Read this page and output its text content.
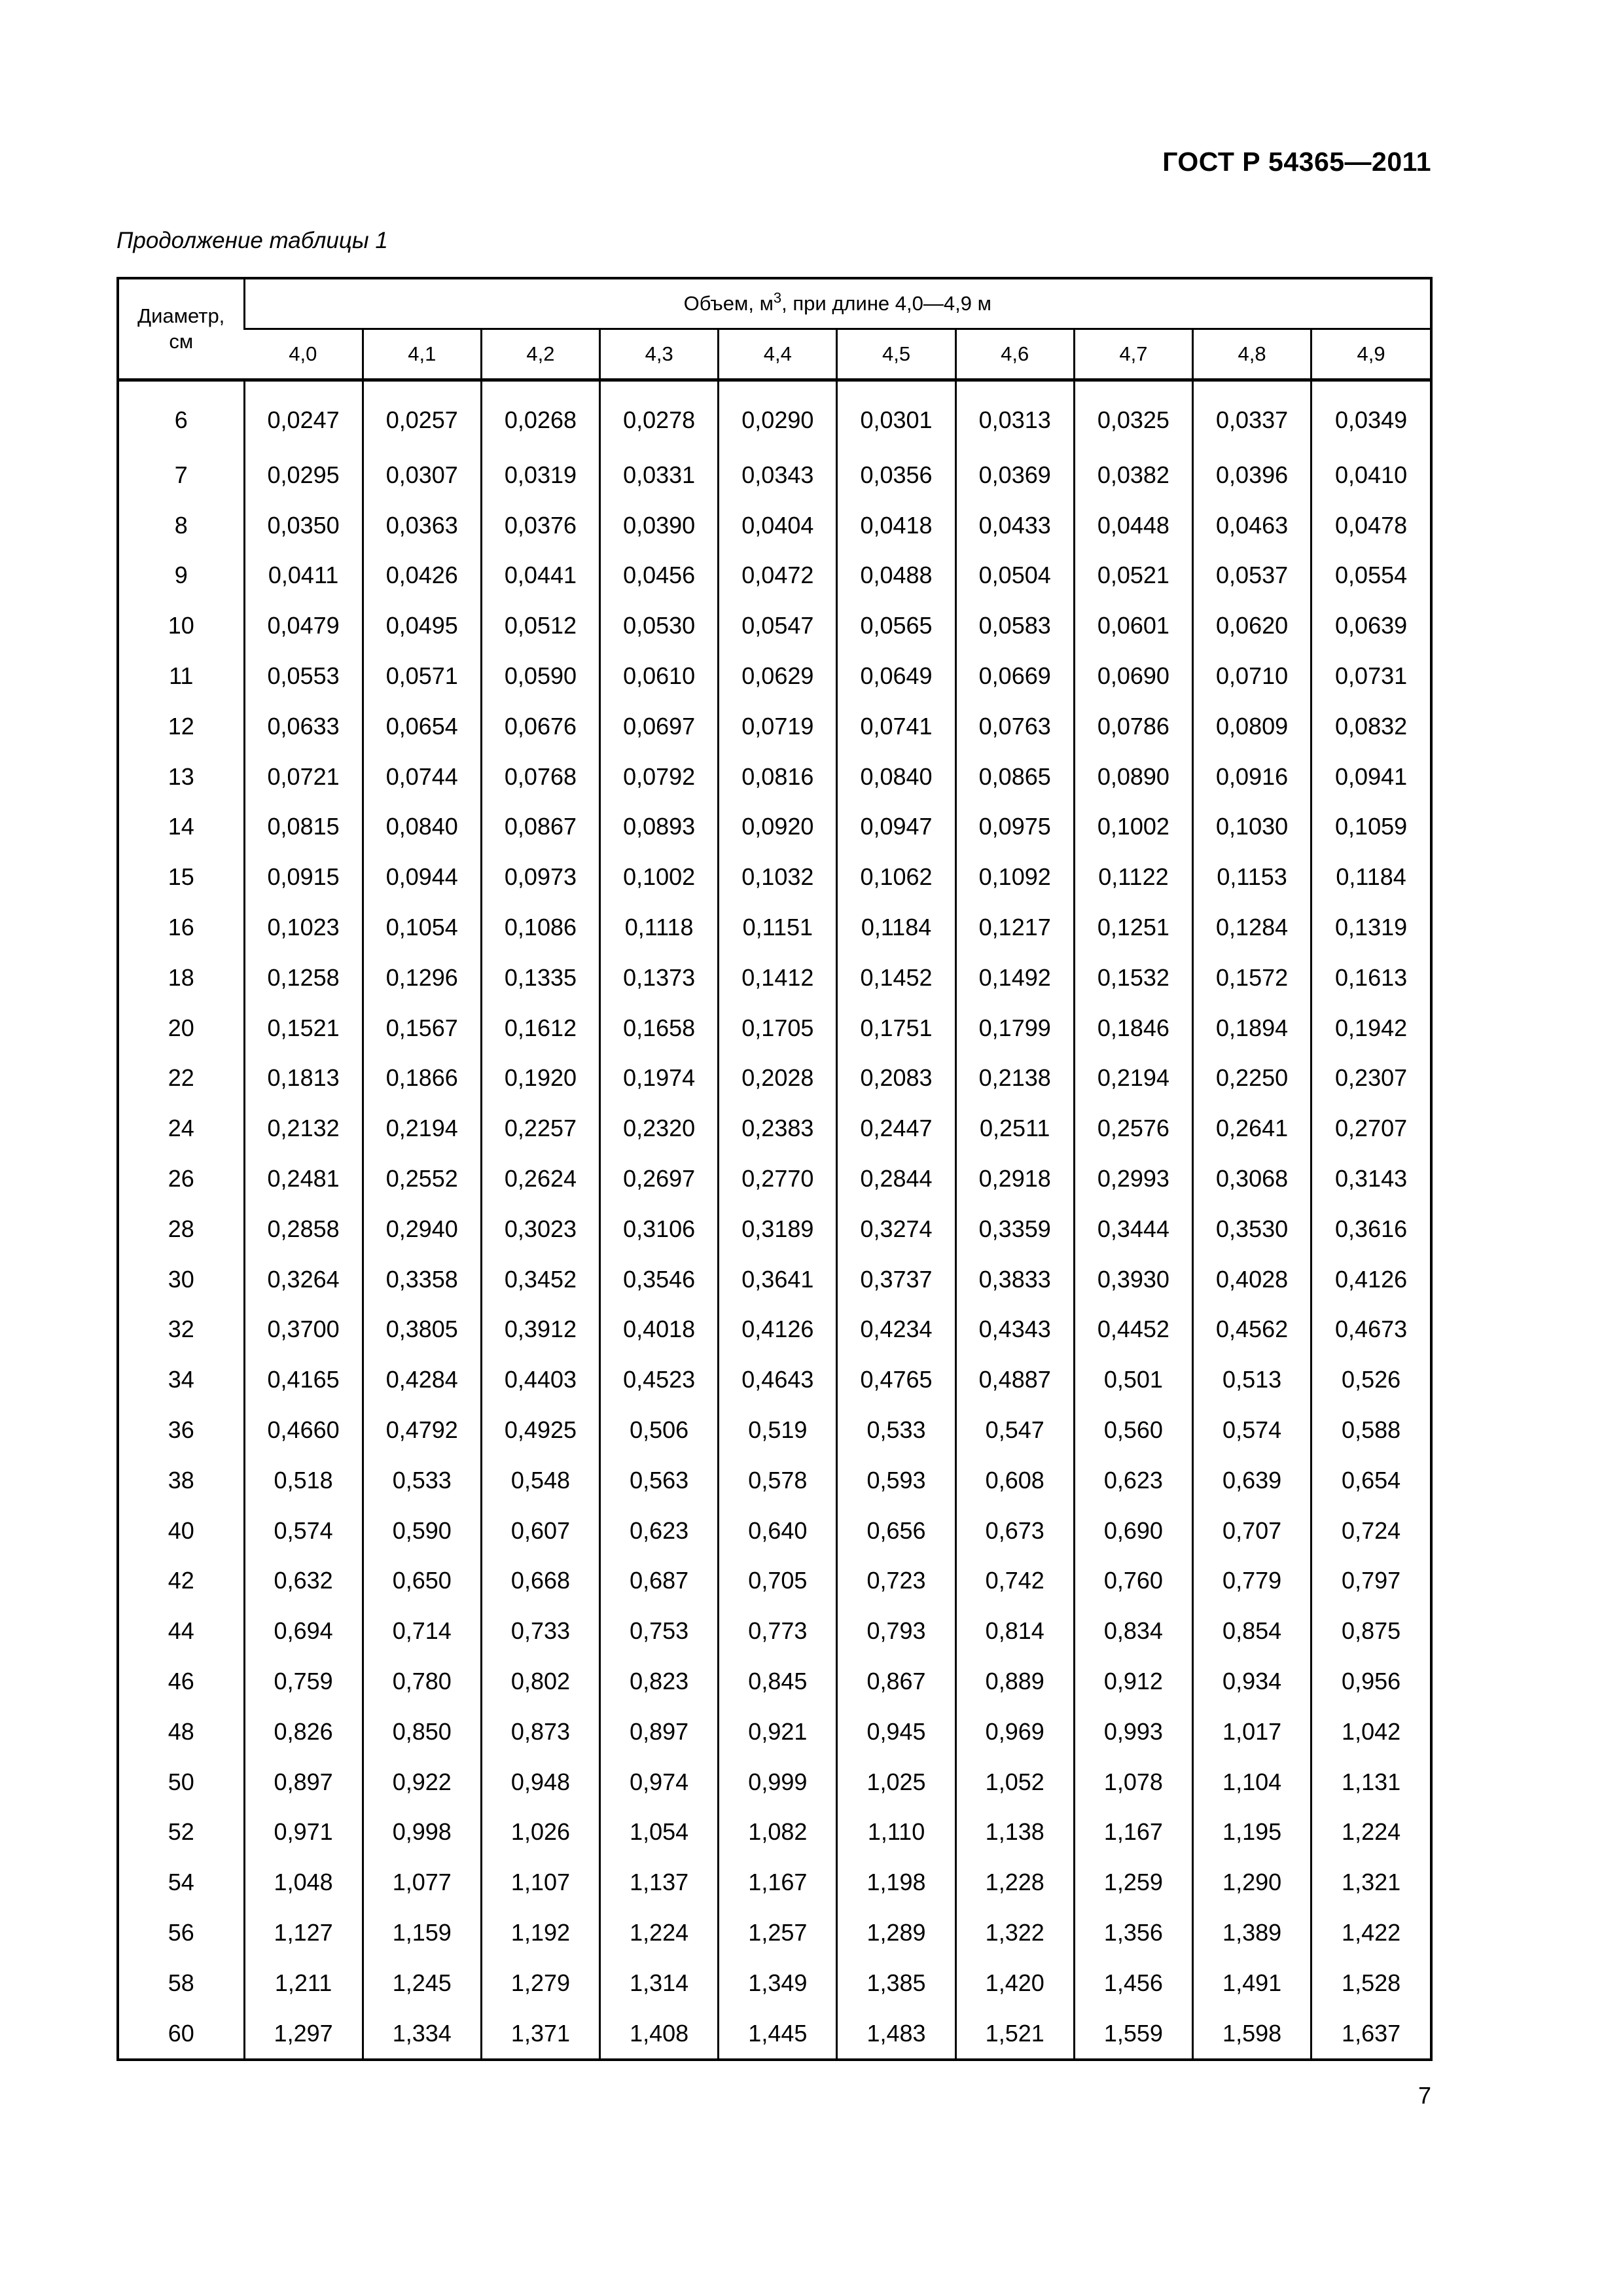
ГОСТ Р 54365—2011
Продолжение таблицы 1
Диаметр,
см	Объем, $м^3$, при длине 4,0—4,9 м									
	4,0	4,1	4,2	4,3	4,4	4,5	4,6	4,7	4,8	4,9
6	0,0247	0,0257	0,0268	0,0278	0,0290	0,0301	0,0313	0,0325	0,0337	0,0349
7	0,0295	0,0307	0,0319	0,0331	0,0343	0,0356	0,0369	0,0382	0,0396	0,0410
8	0,0350	0,0363	0,0376	0,0390	0,0404	0,0418	0,0433	0,0448	0,0463	0,0478
9	0,0411	0,0426	0,0441	0,0456	0,0472	0,0488	0,0504	0,0521	0,0537	0,0554
10	0,0479	0,0495	0,0512	0,0530	0,0547	0,0565	0,0583	0,0601	0,0620	0,0639
11	0,0553	0,0571	0,0590	0,0610	0,0629	0,0649	0,0669	0,0690	0,0710	0,0731
12	0,0633	0,0654	0,0676	0,0697	0,0719	0,0741	0,0763	0,0786	0,0809	0,0832
13	0,0721	0,0744	0,0768	0,0792	0,0816	0,0840	0,0865	0,0890	0,0916	0,0941
14	0,0815	0,0840	0,0867	0,0893	0,0920	0,0947	0,0975	0,1002	0,1030	0,1059
15	0,0915	0,0944	0,0973	0,1002	0,1032	0,1062	0,1092	0,1122	0,1153	0,1184
16	0,1023	0,1054	0,1086	0,1118	0,1151	0,1184	0,1217	0,1251	0,1284	0,1319
18	0,1258	0,1296	0,1335	0,1373	0,1412	0,1452	0,1492	0,1532	0,1572	0,1613
20	0,1521	0,1567	0,1612	0,1658	0,1705	0,1751	0,1799	0,1846	0,1894	0,1942
22	0,1813	0,1866	0,1920	0,1974	0,2028	0,2083	0,2138	0,2194	0,2250	0,2307
24	0,2132	0,2194	0,2257	0,2320	0,2383	0,2447	0,2511	0,2576	0,2641	0,2707
26	0,2481	0,2552	0,2624	0,2697	0,2770	0,2844	0,2918	0,2993	0,3068	0,3143
28	0,2858	0,2940	0,3023	0,3106	0,3189	0,3274	0,3359	0,3444	0,3530	0,3616
30	0,3264	0,3358	0,3452	0,3546	0,3641	0,3737	0,3833	0,3930	0,4028	0,4126
32	0,3700	0,3805	0,3912	0,4018	0,4126	0,4234	0,4343	0,4452	0,4562	0,4673
34	0,4165	0,4284	0,4403	0,4523	0,4643	0,4765	0,4887	0,501	0,513	0,526
36	0,4660	0,4792	0,4925	0,506	0,519	0,533	0,547	0,560	0,574	0,588
38	0,518	0,533	0,548	0,563	0,578	0,593	0,608	0,623	0,639	0,654
40	0,574	0,590	0,607	0,623	0,640	0,656	0,673	0,690	0,707	0,724
42	0,632	0,650	0,668	0,687	0,705	0,723	0,742	0,760	0,779	0,797
44	0,694	0,714	0,733	0,753	0,773	0,793	0,814	0,834	0,854	0,875
46	0,759	0,780	0,802	0,823	0,845	0,867	0,889	0,912	0,934	0,956
48	0,826	0,850	0,873	0,897	0,921	0,945	0,969	0,993	1,017	1,042
50	0,897	0,922	0,948	0,974	0,999	1,025	1,052	1,078	1,104	1,131
52	0,971	0,998	1,026	1,054	1,082	1,110	1,138	1,167	1,195	1,224
54	1,048	1,077	1,107	1,137	1,167	1,198	1,228	1,259	1,290	1,321
56	1,127	1,159	1,192	1,224	1,257	1,289	1,322	1,356	1,389	1,422
58	1,211	1,245	1,279	1,314	1,349	1,385	1,420	1,456	1,491	1,528
60	1,297	1,334	1,371	1,408	1,445	1,483	1,521	1,559	1,598	1,637
7
